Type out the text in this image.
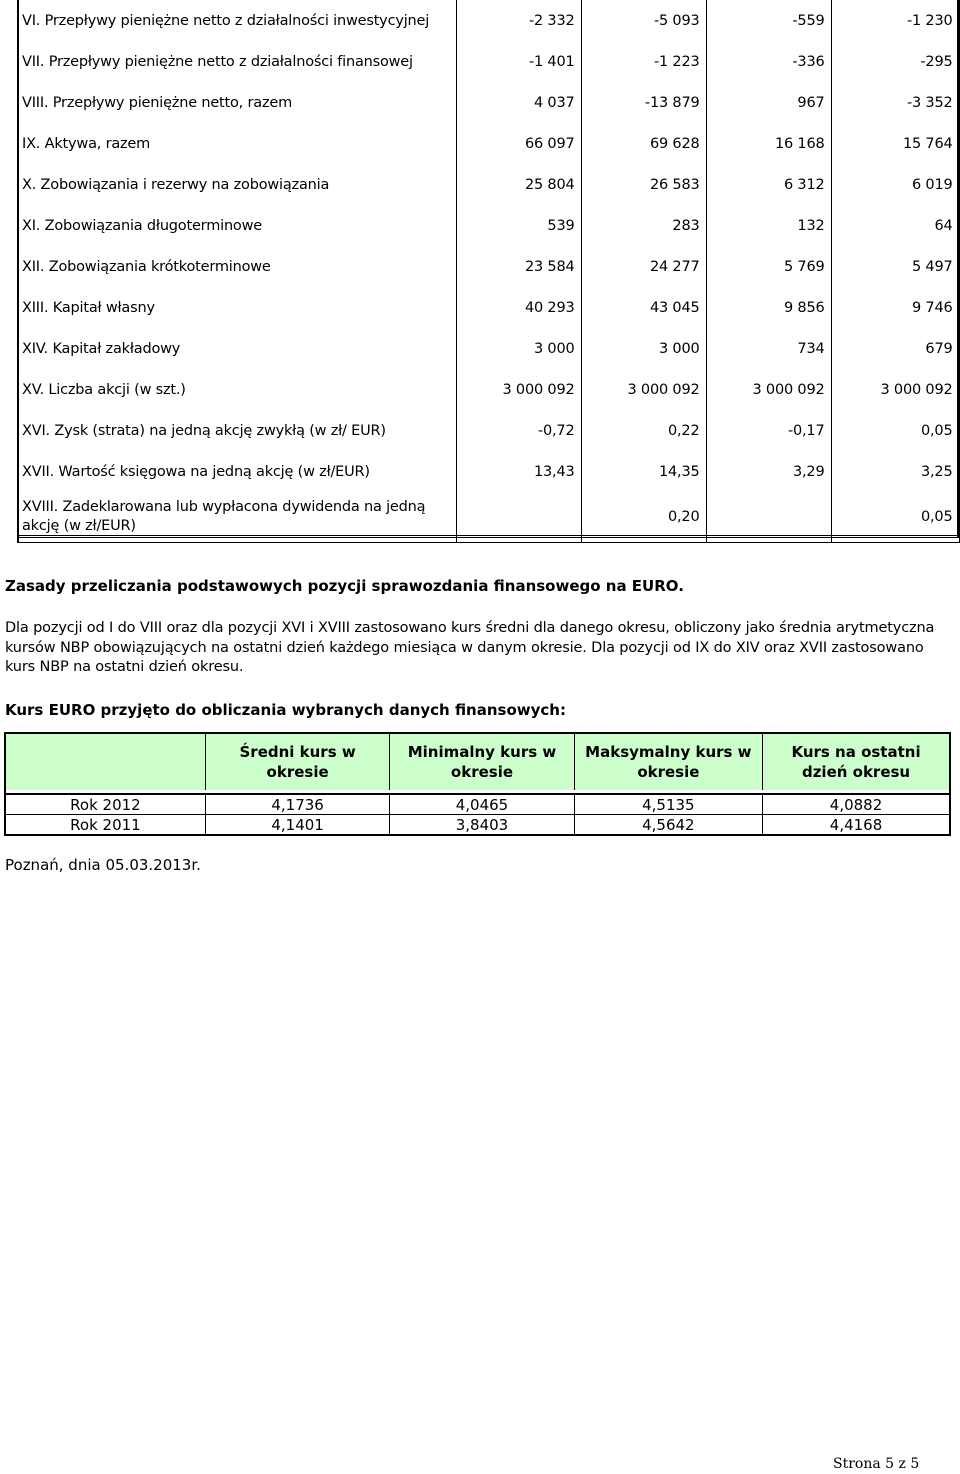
VI. Przepływy pieniężne netto z działalności inwestycyjnej	-2 332	-5 093	-559	-1 230
VII. Przepływy pieniężne netto z działalności finansowej	-1 401	-1 223	-336	-295
VIII. Przepływy pieniężne netto, razem	4 037	-13 879	967	-3 352
IX. Aktywa, razem	66 097	69 628	16 168	15 764
X. Zobowiązania i rezerwy na zobowiązania	25 804	26 583	6 312	6 019
XI. Zobowiązania długoterminowe	539	283	132	64
XII. Zobowiązania krótkoterminowe	23 584	24 277	5 769	5 497
XIII. Kapitał własny	40 293	43 045	9 856	9 746
XIV. Kapitał zakładowy	3 000	3 000	734	679
XV. Liczba akcji (w szt.)	3 000 092	3 000 092	3 000 092	3 000 092
XVI. Zysk (strata) na jedną akcję zwykłą (w zł/ EUR)	-0,72	0,22	-0,17	0,05
XVII. Wartość księgowa na jedną akcję (w zł/EUR)	13,43	14,35	3,29	3,25
XVIII. Zadeklarowana lub wypłacona dywidenda na jedną akcję (w zł/EUR)		0,20		0,05
Zasady przeliczania podstawowych pozycji sprawozdania finansowego na EURO.
Dla pozycji od I do VIII oraz dla pozycji XVI i XVIII zastosowano kurs średni dla danego okresu, obliczony jako średnia arytmetyczna kursów NBP obowiązujących na ostatni dzień każdego miesiąca w danym okresie. Dla pozycji od IX do XIV oraz XVII zastosowano kurs NBP na ostatni dzień okresu.
Kurs EURO przyjęto do obliczania wybranych danych finansowych:
	Średni kurs w okresie	Minimalny kurs w okresie	Maksymalny kurs w okresie	Kurs na ostatni dzień okresu

Rok 2012	4,1736	4,0465	4,5135	4,0882
Rok 2011	4,1401	3,8403	4,5642	4,4168
Poznań, dnia 05.03.2013r.
Strona 5 z 5
